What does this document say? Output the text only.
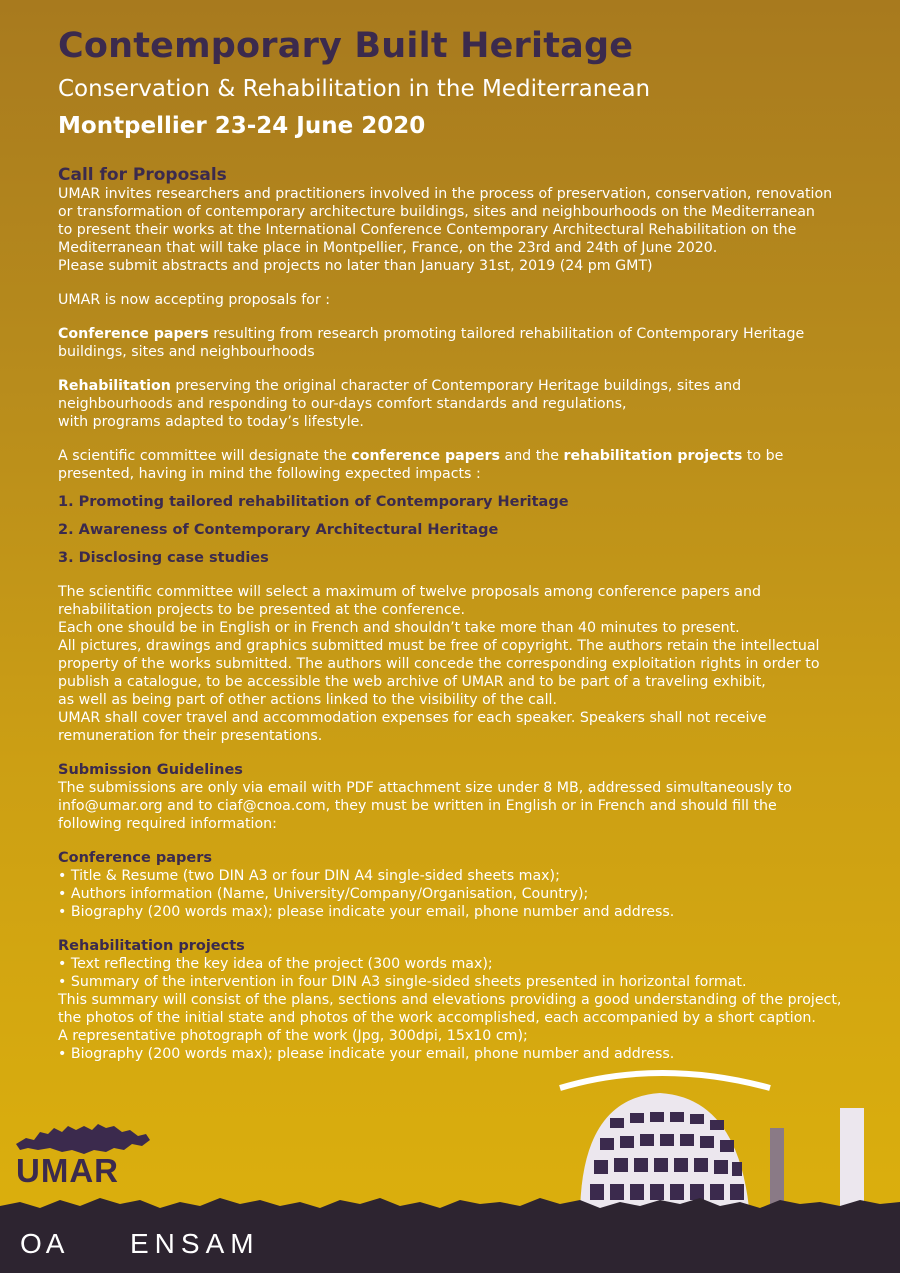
Contemporary Built Heritage
Conservation & Rehabilitation in the Mediterranean
Montpellier 23-24 June 2020

Call for Proposals

UMAR invites researchers and practitioners involved in the process of preservation, conservation, renovation

or transformation of contemporary architecture buildings, sites and neighbourhoods on the Mediterranean

to present their works at the International Conference Contemporary Architectural Rehabilitation on the

Mediterranean that will take place in Montpellier, France, on the 23rd and 24th of June 2020.

Please submit abstracts and projects no later than January 31st, 2019 (24 pm GMT)

UMAR is now accepting proposals for :

Conference papers resulting from research promoting tailored rehabilitation of Contemporary Heritage

buildings, sites and neighbourhoods

Rehabilitation preserving the original character of Contemporary Heritage buildings, sites and

neighbourhoods and responding to our-days comfort standards and regulations,

with programs adapted to today’s lifestyle.

A scientific committee will designate the conference papers and the rehabilitation projects to be

presented, having in mind the following expected impacts :

1. Promoting tailored rehabilitation of Contemporary Heritage

2. Awareness of Contemporary Architectural Heritage

3. Disclosing case studies

The scientific committee will select a maximum of twelve proposals among conference papers and

rehabilitation projects to be presented at the conference.

Each one should be in English or in French and shouldn’t take more than 40 minutes to present.

All pictures, drawings and graphics submitted must be free of copyright. The authors retain the intellectual

property of the works submitted. The authors will concede the corresponding exploitation rights in order to

publish a catalogue, to be accessible the web archive of UMAR and to be part of a traveling exhibit,

as well as being part of other actions linked to the visibility of the call.

UMAR shall cover travel and accommodation expenses for each speaker. Speakers shall not receive

remuneration for their presentations.

Submission Guidelines

The submissions are only via email with PDF attachment size under 8 MB, addressed simultaneously to

info@umar.org and to ciaf@cnoa.com, they must be written in English or in French and should fill the

following required information:

Conference papers

• Title & Resume (two DIN A3 or four DIN A4 single-sided sheets max);

• Authors information (Name, University/Company/Organisation, Country);

• Biography (200 words max); please indicate your email, phone number and address.

Rehabilitation projects

• Text reflecting the key idea of the project (300 words max);

• Summary of the intervention in four DIN A3 single-sided sheets presented in horizontal format.

This summary will consist of the plans, sections and elevations providing a good understanding of the project,

the photos of the initial state and photos of the work accomplished, each accompanied by a short caption.

A representative photograph of the work (Jpg, 300dpi, 15x10 cm);

• Biography (200 words max); please indicate your email, phone number and address.

UMAR
OA ENSAM
